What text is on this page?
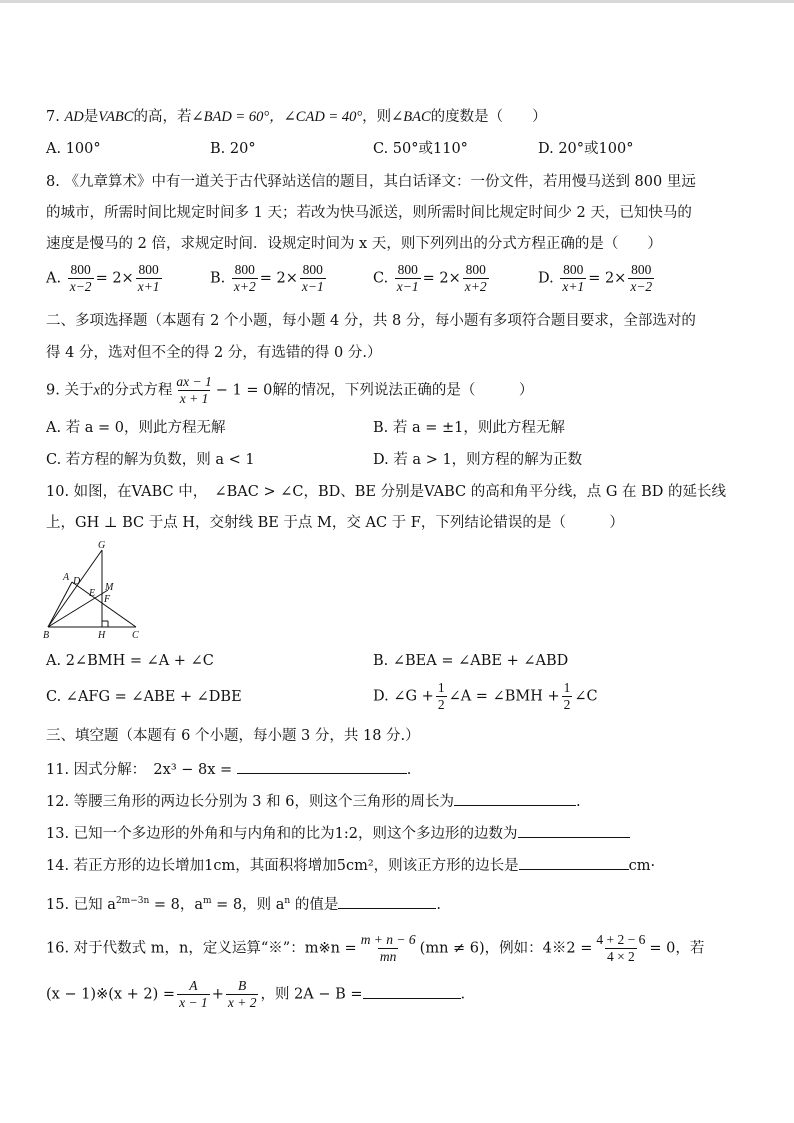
7. AD是VABC的高，若∠BAD = 60°，∠CAD = 40°，则∠BAC的度数是（　　）
A. 100°	B. 20°	C. 50°或110°	D. 20°或100°
8. 《九章算术》中有一道关于古代驿站送信的题目，其白话译文：一份文件，若用慢马送到 800 里远
的城市，所需时间比规定时间多 1 天；若改为快马派送，则所需时间比规定时间少 2 天，已知快马的
速度是慢马的 2 倍，求规定时间．设规定时间为 x 天，则下列列出的分式方程正确的是（　　）
A. $\frac{800}{x-2} = 2\times \frac{800}{x+1}$	B. $\frac{800}{x+2} = 2\times \frac{800}{x-1}$	C. $\frac{800}{x-1} = 2\times \frac{800}{x+2}$	D. $\frac{800}{x+1} = 2\times \frac{800}{x-2}$
二、多项选择题（本题有 2 个小题，每小题 4 分，共 8 分，每小题有多项符合题目要求，全部选对的
得 4 分，选对但不全的得 2 分，有选错的得 0 分.）
9. 关于x的分式方程 $\frac{ax - 1}{x + 1} - 1 = 0$解的情况，下列说法正确的是（　　　）
A. 若 a = 0，则此方程无解	B. 若 a = ±1，则此方程无解
C. 若方程的解为负数，则 a < 1	D. 若 a > 1，则方程的解为正数
10. 如图，在VABC 中，　∠BAC > ∠C，BD、BE 分别是VABC 的高和角平分线，点 G 在 BD 的延长线
上，GH ⊥ BC 于点 H，交射线 BE 于点 M，交 AC 于 F，下列结论错误的是（　　　）
G
A D
E
M
F
B	H	C
A. 2∠BMH = ∠A + ∠C	B. ∠BEA = ∠ABE + ∠ABD
C. ∠AFG = ∠ABE + ∠DBE	D. ∠G + $\frac{1}{2}$ ∠A = ∠BMH + $\frac{1}{2}$ ∠C
三、填空题（本题有 6 个小题，每小题 3 分，共 18 分.）
11. 因式分解：　2x³ − 8x =	.
12. 等腰三角形的两边长分别为 3 和 6，则这个三角形的周长为	.
13. 已知一个多边形的外角和与内角和的比为1:2，则这个多边形的边数为
14. 若正方形的边长增加1cm，其面积将增加5cm²，则该正方形的边长是	cm·
15. 已知 $a^{2m-3n} = 8$，$a^m = 8$，则 $a^n$ 的值是	.
16. 对于代数式 m，n，定义运算“※”：m※n = $\frac{m + n - 6}{mn} (mn \ne 6)$，例如：4※2 = $\frac{4 + 2 - 6}{4 \times 2} = 0$，若
(x − 1)※(x + $2) = \frac{A}{x - 1} + \frac{B}{x + 2}$ ，则 2A − B =	.
